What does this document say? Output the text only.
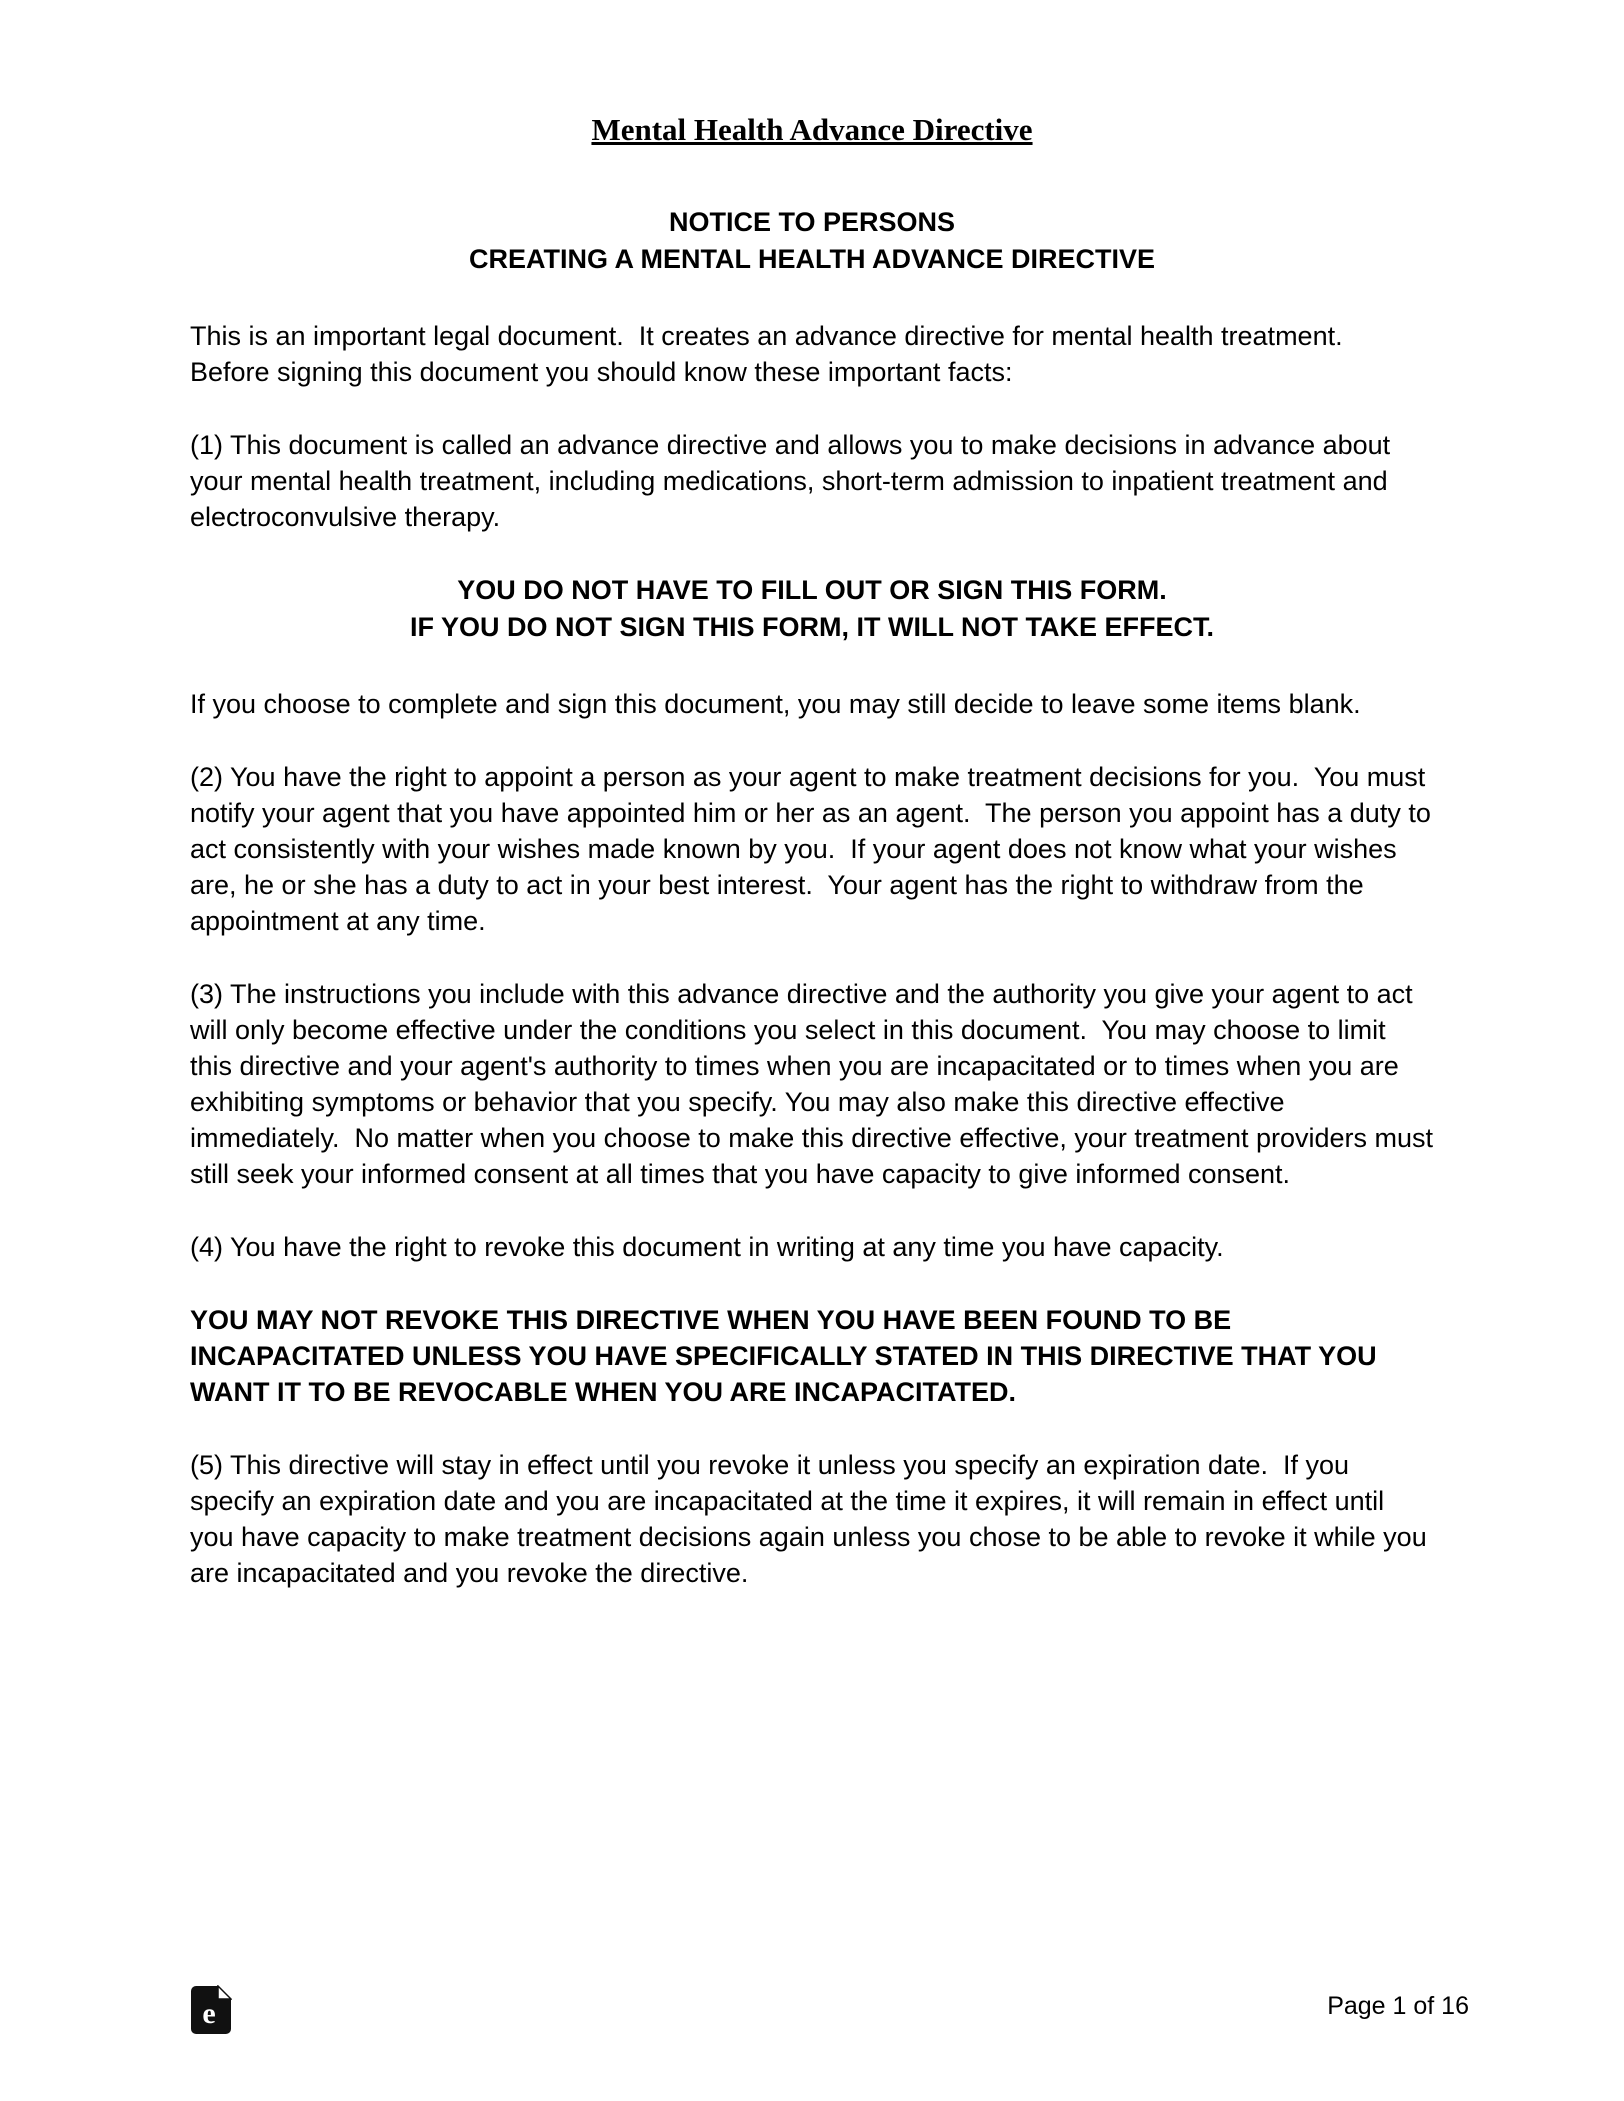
Mental Health Advance Directive
NOTICE TO PERSONS
CREATING A MENTAL HEALTH ADVANCE DIRECTIVE

This is an important legal document.  It creates an advance directive for mental health treatment.  Before signing this document you should know these important facts:

(1) This document is called an advance directive and allows you to make decisions in advance about your mental health treatment, including medications, short-term admission to inpatient treatment and electroconvulsive therapy.

YOU DO NOT HAVE TO FILL OUT OR SIGN THIS FORM.
IF YOU DO NOT SIGN THIS FORM, IT WILL NOT TAKE EFFECT.

If you choose to complete and sign this document, you may still decide to leave some items blank.

(2) You have the right to appoint a person as your agent to make treatment decisions for you.  You must notify your agent that you have appointed him or her as an agent.  The person you appoint has a duty to act consistently with your wishes made known by you.  If your agent does not know what your wishes are, he or she has a duty to act in your best interest.  Your agent has the right to withdraw from the appointment at any time.

(3) The instructions you include with this advance directive and the authority you give your agent to act will only become effective under the conditions you select in this document.  You may choose to limit this directive and your agent's authority to times when you are incapacitated or to times when you are exhibiting symptoms or behavior that you specify. You may also make this directive effective immediately.  No matter when you choose to make this directive effective, your treatment providers must still seek your informed consent at all times that you have capacity to give informed consent.

(4) You have the right to revoke this document in writing at any time you have capacity.

YOU MAY NOT REVOKE THIS DIRECTIVE WHEN YOU HAVE BEEN FOUND TO BE INCAPACITATED UNLESS YOU HAVE SPECIFICALLY STATED IN THIS DIRECTIVE THAT YOU WANT IT TO BE REVOCABLE WHEN YOU ARE INCAPACITATED.

(5) This directive will stay in effect until you revoke it unless you specify an expiration date.  If you specify an expiration date and you are incapacitated at the time it expires, it will remain in effect until you have capacity to make treatment decisions again unless you chose to be able to revoke it while you are incapacitated and you revoke the directive.

e	Page 1 of 16
